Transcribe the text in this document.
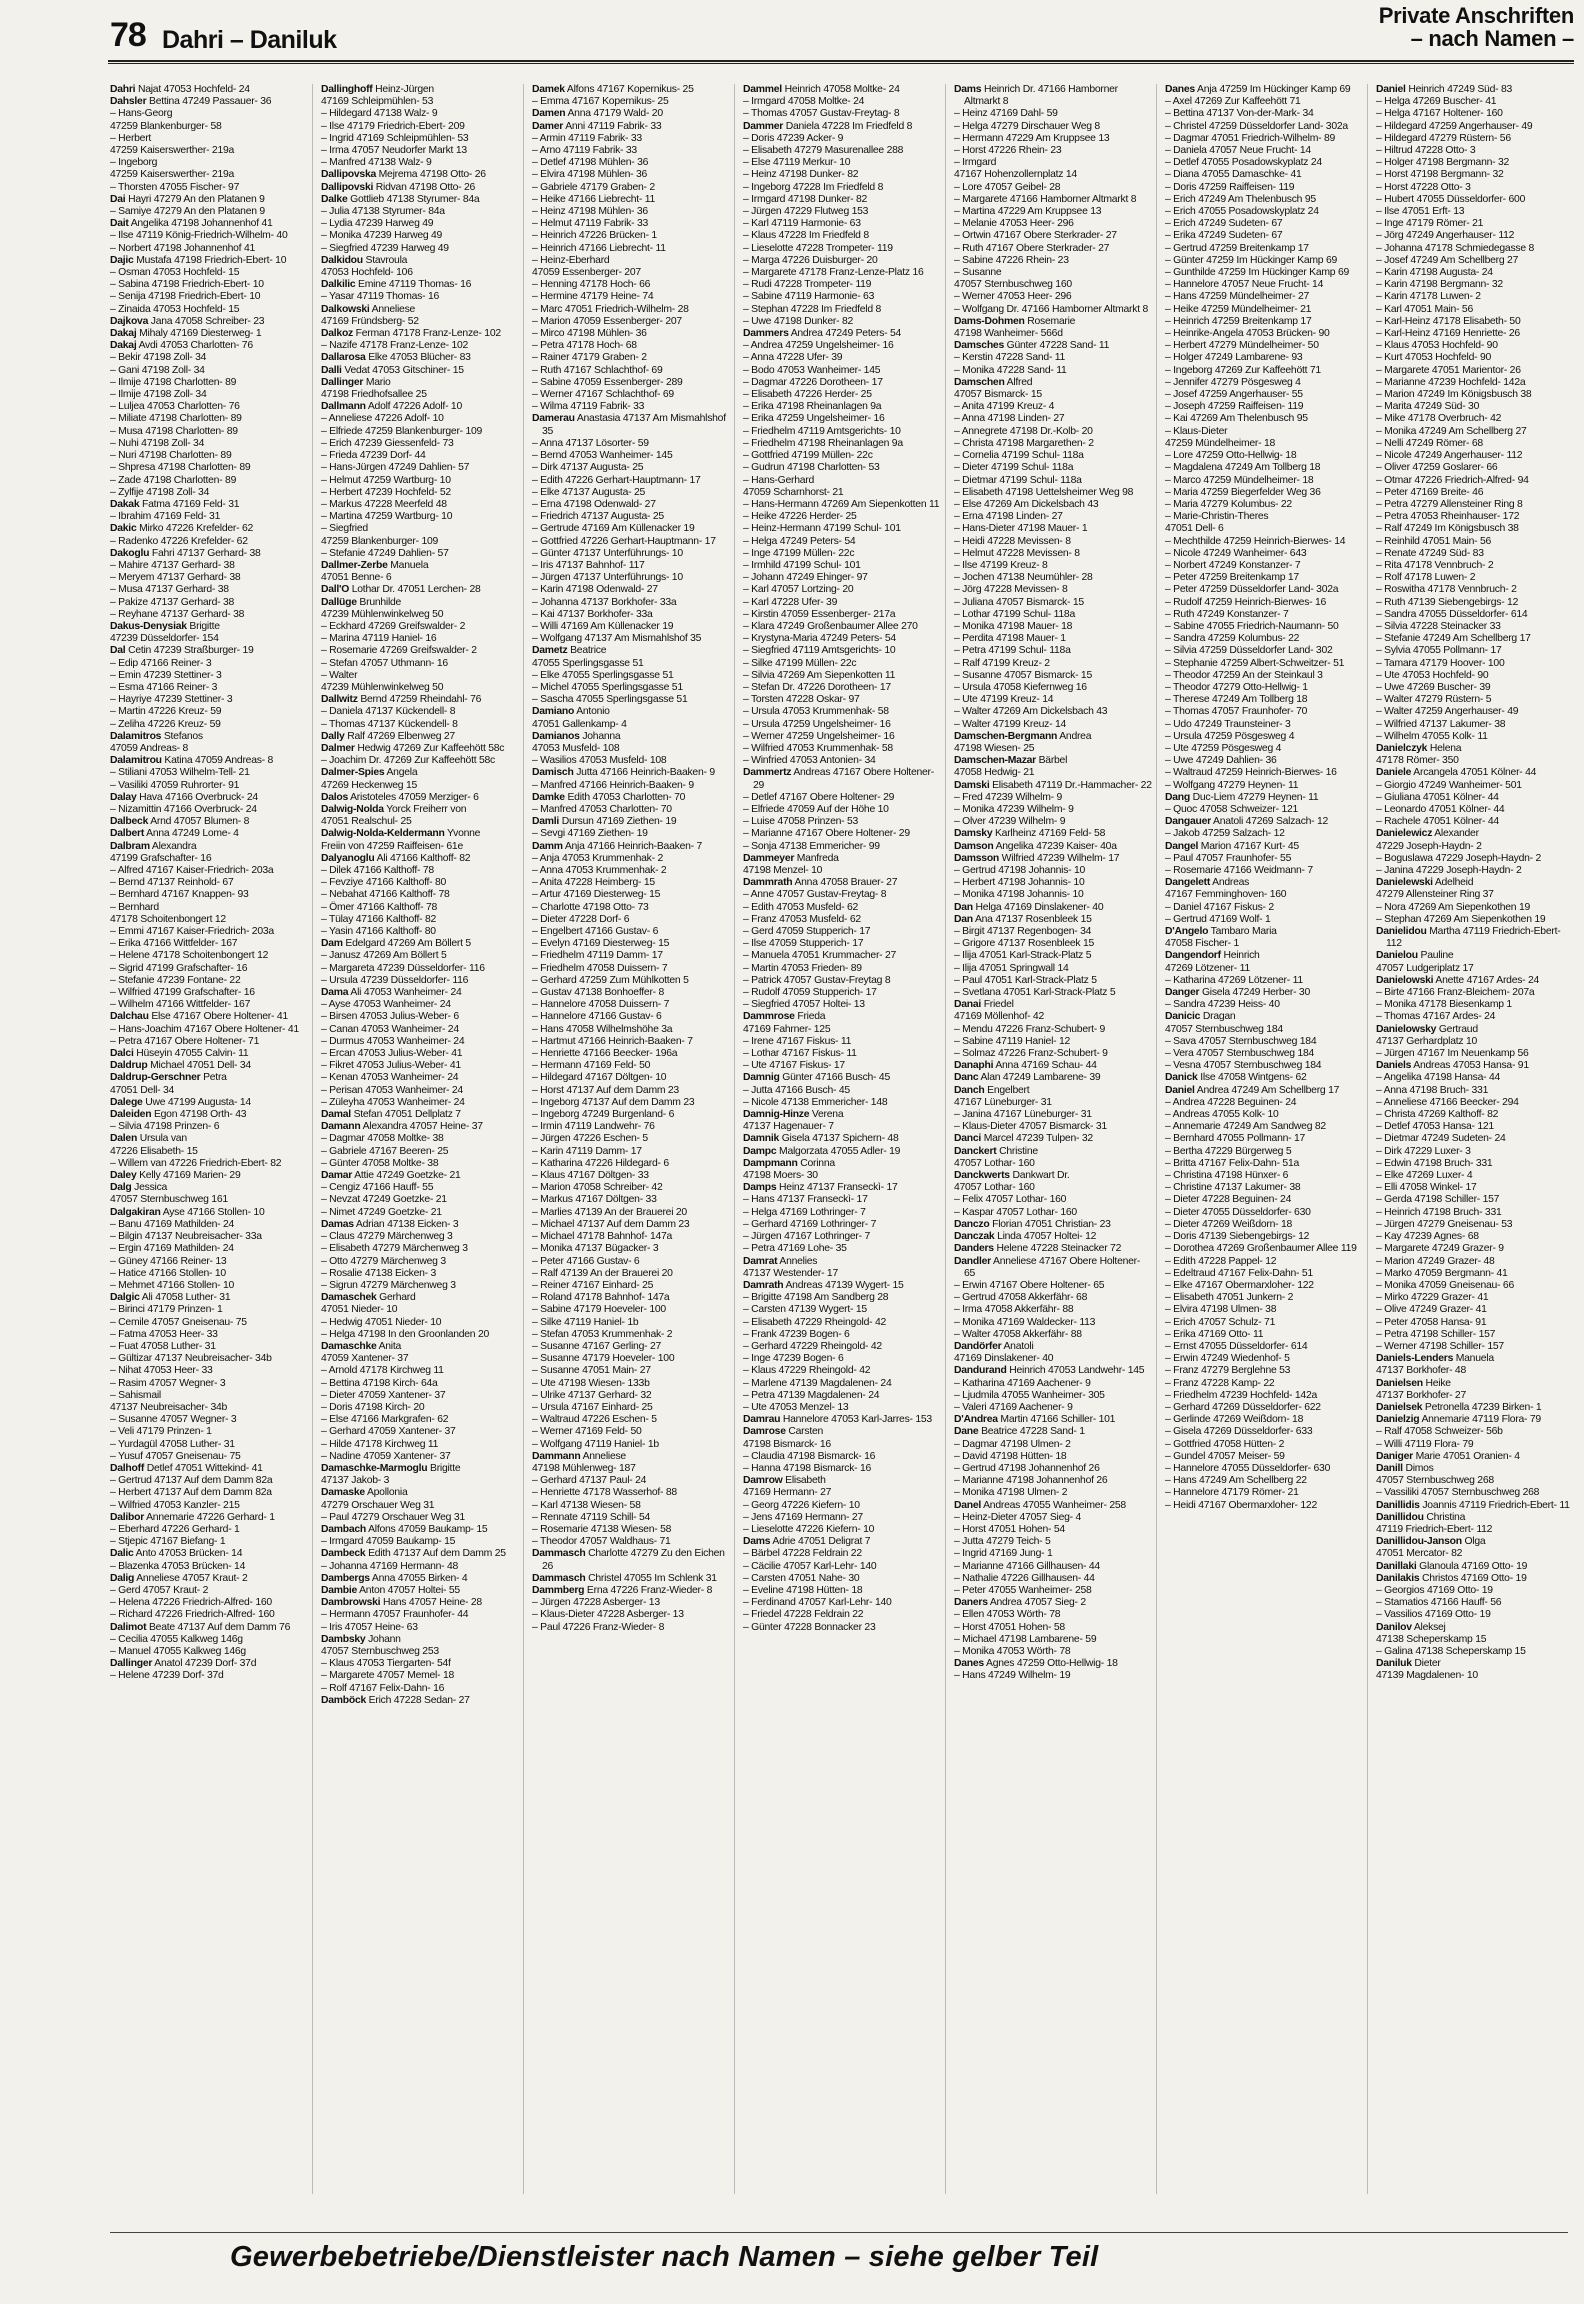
78 Dahri – Daniluk
Private Anschriften
– nach Namen –
Dahri Najat 47053 Hochfeld- 24
Dahsler Bettina 47249 Passauer- 36
– Hans-Georg
47259 Blankenburger- 58
– Herbert
47259 Kaiserswerther- 219a
– Ingeborg
47259 Kaiserswerther- 219a
– Thorsten 47055 Fischer- 97
Dai Hayri 47279 An den Platanen 9
– Samiye 47279 An den Platanen 9
Dait Angelika 47198 Johannenhof 41
– Ilse 47119 König-Friedrich-Wilhelm- 40
– Norbert 47198 Johannenhof 41
Dajic Mustafa 47198 Friedrich-Ebert- 10
– Osman 47053 Hochfeld- 15
– Sabina 47198 Friedrich-Ebert- 10
– Senija 47198 Friedrich-Ebert- 10
– Zinaida 47053 Hochfeld- 15
Dajkova Jana 47058 Schreiber- 23
Dakaj Mihaly 47169 Diesterweg- 1
Dakaj Avdi 47053 Charlotten- 76
– Bekir 47198 Zoll- 34
– Gani 47198 Zoll- 34
– Ilmije 47198 Charlotten- 89
– Ilmije 47198 Zoll- 34
– Luljea 47053 Charlotten- 76
– Miliate 47198 Charlotten- 89
– Musa 47198 Charlotten- 89
– Nuhi 47198 Zoll- 34
– Nuri 47198 Charlotten- 89
– Shpresa 47198 Charlotten- 89
– Zade 47198 Charlotten- 89
– Zylfije 47198 Zoll- 34
Dakak Fatma 47169 Feld- 31
– Ibrahim 47169 Feld- 31
Dakic Mirko 47226 Krefelder- 62
– Radenko 47226 Krefelder- 62
Dakoglu Fahri 47137 Gerhard- 38
– Mahire 47137 Gerhard- 38
– Meryem 47137 Gerhard- 38
– Musa 47137 Gerhard- 38
– Pakize 47137 Gerhard- 38
– Reyhane 47137 Gerhard- 38
Dakus-Denysiak Brigitte
47239 Düsseldorfer- 154
Dal Cetin 47239 Straßburger- 19
– Edip 47166 Reiner- 3
– Emin 47239 Stettiner- 3
– Esma 47166 Reiner- 3
– Hayriye 47239 Stettiner- 3
– Martin 47226 Kreuz- 59
– Zeliha 47226 Kreuz- 59
Dalamitros Stefanos
47059 Andreas- 8
Dalamitrou Katina 47059 Andreas- 8
– Stiliani 47053 Wilhelm-Tell- 21
– Vasiliki 47059 Ruhrorter- 91
Dalay Hava 47166 Overbruck- 24
– Nizamittin 47166 Overbruck- 24
Dalbeck Arnd 47057 Blumen- 8
Dalbert Anna 47249 Lome- 4
Dalbram Alexandra
47199 Grafschafter- 16
– Alfred 47167 Kaiser-Friedrich- 203a
– Bernd 47137 Reinhold- 67
– Bernhard 47167 Knappen- 93
– Bernhard
47178 Schoitenbongert 12
– Emmi 47167 Kaiser-Friedrich- 203a
– Erika 47166 Wittfelder- 167
– Helene 47178 Schoitenbongert 12
– Sigrid 47199 Grafschafter- 16
– Stefanie 47239 Fontane- 22
– Wilfried 47199 Grafschafter- 16
– Wilhelm 47166 Wittfelder- 167
Dalchau Else 47167 Obere Holtener- 41
– Hans-Joachim 47167 Obere Holtener- 41
– Petra 47167 Obere Holtener- 71
Dalci Hüseyin 47055 Calvin- 11
Daldrup Michael 47051 Dell- 34
Daldrup-Gerschner Petra
47051 Dell- 34
Dalege Uwe 47199 Augusta- 14
Daleiden Egon 47198 Orth- 43
– Silvia 47198 Prinzen- 6
Dalen Ursula van
47226 Elisabeth- 15
– Willem van 47226 Friedrich-Ebert- 82
Daley Kelly 47169 Marien- 29
Dalg Jessica
47057 Sternbuschweg 161
Dalgakiran Ayse 47166 Stollen- 10
– Banu 47169 Mathilden- 24
– Bilgin 47137 Neubreisacher- 33a
– Ergin 47169 Mathilden- 24
– Güney 47166 Reiner- 13
– Hatice 47166 Stollen- 10
– Mehmet 47166 Stollen- 10
Dalgic Ali 47058 Luther- 31
– Birinci 47179 Prinzen- 1
– Cemile 47057 Gneisenau- 75
– Fatma 47053 Heer- 33
– Fuat 47058 Luther- 31
– Gültizar 47137 Neubreisacher- 34b
– Nihat 47053 Heer- 33
– Rasim 47057 Wegner- 3
– Sahismail
47137 Neubreisacher- 34b
– Susanne 47057 Wegner- 3
– Veli 47179 Prinzen- 1
– Yurdagül 47058 Luther- 31
– Yusuf 47057 Gneisenau- 75
Dalhoff Detlef 47051 Wittekind- 41
– Gertrud 47137 Auf dem Damm 82a
– Herbert 47137 Auf dem Damm 82a
– Wilfried 47053 Kanzler- 215
Dalibor Annemarie 47226 Gerhard- 1
– Eberhard 47226 Gerhard- 1
– Stjepic 47167 Biefang- 1
Dalic Anto 47053 Brücken- 14
– Blazenka 47053 Brücken- 14
Dalig Anneliese 47057 Kraut- 2
– Gerd 47057 Kraut- 2
– Helena 47226 Friedrich-Alfred- 160
– Richard 47226 Friedrich-Alfred- 160
Dalimot Beate 47137 Auf dem Damm 76
– Cecilia 47055 Kalkweg 146g
– Manuel 47055 Kalkweg 146g
Dallinger Anatol 47239 Dorf- 37d
– Helene 47239 Dorf- 37d
Dallinghoff Heinz-Jürgen
47169 Schleipmühlen- 53
– Hildegard 47138 Walz- 9
– Ilse 47179 Friedrich-Ebert- 209
– Ingrid 47169 Schleipmühlen- 53
– Irma 47057 Neudorfer Markt 13
– Manfred 47138 Walz- 9
Dallipovska Mejrema 47198 Otto- 26
Dallipovski Ridvan 47198 Otto- 26
Dalke Gottlieb 47138 Styrumer- 84a
– Julia 47138 Styrumer- 84a
– Lydia 47239 Harweg 49
– Monika 47239 Harweg 49
– Siegfried 47239 Harweg 49
Dalkidou Stavroula
47053 Hochfeld- 106
Dalkilic Emine 47119 Thomas- 16
– Yasar 47119 Thomas- 16
Dalkowski Anneliese
47169 Fründsberg- 52
Dalkoz Ferman 47178 Franz-Lenze- 102
– Nazife 47178 Franz-Lenze- 102
Dallarosa Elke 47053 Blücher- 83
Dalli Vedat 47053 Gitschiner- 15
Dallinger Mario
47198 Friedhofsallee 25
Dallmann Adolf 47226 Adolf- 10
– Anneliese 47226 Adolf- 10
– Elfriede 47259 Blankenburger- 109
– Erich 47239 Giessenfeld- 73
– Frieda 47239 Dorf- 44
– Hans-Jürgen 47249 Dahlien- 57
– Helmut 47259 Wartburg- 10
– Herbert 47239 Hochfeld- 52
– Markus 47228 Meerfeld 48
– Martina 47259 Wartburg- 10
– Siegfried
47259 Blankenburger- 109
– Stefanie 47249 Dahlien- 57
Dallmer-Zerbe Manuela
47051 Benne- 6
Dall'O Lothar Dr. 47051 Lerchen- 28
Dallüge Brunhilde
47239 Mühlenwinkelweg 50
– Eckhard 47269 Greifswalder- 2
– Marina 47119 Haniel- 16
– Rosemarie 47269 Greifswalder- 2
– Stefan 47057 Uthmann- 16
– Walter
47239 Mühlenwinkelweg 50
Dallwitz Bernd 47259 Rheindahl- 76
– Daniela 47137 Kückendell- 8
– Thomas 47137 Kückendell- 8
Dally Ralf 47269 Elbenweg 27
Dalmer Hedwig 47269 Zur Kaffeehött 58c
– Joachim Dr. 47269 Zur Kaffeehött 58c
Dalmer-Spies Angela
47269 Heckenweg 15
Dalos Aristoteles 47059 Merziger- 6
Dalwig-Nolda Yorck Freiherr von
47051 Realschul- 25
Dalwig-Nolda-Keldermann Yvonne
Freiin von 47259 Raiffeisen- 61e
Dalyanoglu Ali 47166 Kalthoff- 82
– Dilek 47166 Kalthoff- 78
– Fevziye 47166 Kalthoff- 80
– Nebahat 47166 Kalthoff- 78
– Ömer 47166 Kalthoff- 78
– Tülay 47166 Kalthoff- 82
– Yasin 47166 Kalthoff- 80
Dam Edelgard 47269 Am Böllert 5
– Janusz 47269 Am Böllert 5
– Margareta 47239 Düsseldorfer- 116
– Ursula 47239 Düsseldorfer- 116
Dama Ali 47053 Wanheimer- 24
– Ayse 47053 Wanheimer- 24
– Birsen 47053 Julius-Weber- 6
– Canan 47053 Wanheimer- 24
– Durmus 47053 Wanheimer- 24
– Ercan 47053 Julius-Weber- 41
– Fikret 47053 Julius-Weber- 41
– Kenan 47053 Wanheimer- 24
– Perisan 47053 Wanheimer- 24
– Züleyha 47053 Wanheimer- 24
Damal Stefan 47051 Dellplatz 7
Damann Alexandra 47057 Heine- 37
– Dagmar 47058 Moltke- 38
– Gabriele 47167 Beeren- 25
– Günter 47058 Moltke- 38
Damar Attie 47249 Goetzke- 21
– Cengiz 47166 Hauff- 55
– Nevzat 47249 Goetzke- 21
– Nimet 47249 Goetzke- 21
Damas Adrian 47138 Eicken- 3
– Claus 47279 Märchenweg 3
– Elisabeth 47279 Märchenweg 3
– Otto 47279 Märchenweg 3
– Rosalie 47138 Eicken- 3
– Sigrun 47279 Märchenweg 3
Damaschek Gerhard
47051 Nieder- 10
– Hedwig 47051 Nieder- 10
– Helga 47198 In den Groonlanden 20
Damaschke Anita
47059 Xantener- 37
– Arnold 47178 Kirchweg 11
– Bettina 47198 Kirch- 64a
– Dieter 47059 Xantener- 37
– Doris 47198 Kirch- 20
– Else 47166 Markgrafen- 62
– Gerhard 47059 Xantener- 37
– Hilde 47178 Kirchweg 11
– Nadine 47059 Xantener- 37
Damaschke-Marmoglu Brigitte
47137 Jakob- 3
Damaske Apollonia
47279 Orschauer Weg 31
– Paul 47279 Orschauer Weg 31
Dambach Alfons 47059 Baukamp- 15
– Irmgard 47059 Baukamp- 15
Dambeck Edith 47137 Auf dem Damm 25
– Johanna 47169 Hermann- 48
Dambergs Anna 47055 Birken- 4
Dambie Anton 47057 Holtei- 55
Dambrowski Hans 47057 Heine- 28
– Hermann 47057 Fraunhofer- 44
– Iris 47057 Heine- 63
Dambsky Johann
47057 Sternbuschweg 253
– Klaus 47053 Tiergarten- 54f
– Margarete 47057 Memel- 18
– Rolf 47167 Felix-Dahn- 16
Damböck Erich 47228 Sedan- 27
Damek Alfons 47167 Kopernikus- 25
– Emma 47167 Kopernikus- 25
Damen Anna 47179 Wald- 20
Damer Anni 47119 Fabrik- 33
– Armin 47119 Fabrik- 33
– Arno 47119 Fabrik- 33
– Detlef 47198 Mühlen- 36
– Elvira 47198 Mühlen- 36
– Gabriele 47179 Graben- 2
– Heike 47166 Liebrecht- 11
– Heinz 47198 Mühlen- 36
– Helmut 47119 Fabrik- 33
– Heinrich 47226 Brücken- 1
– Heinrich 47166 Liebrecht- 11
– Heinz-Eberhard
47059 Essenberger- 207
– Henning 47178 Hoch- 66
– Hermine 47179 Heine- 74
– Marc 47051 Friedrich-Wilhelm- 28
– Marion 47059 Essenberger- 207
– Mirco 47198 Mühlen- 36
– Petra 47178 Hoch- 68
– Rainer 47179 Graben- 2
– Ruth 47167 Schlachthof- 69
– Sabine 47059 Essenberger- 289
– Werner 47167 Schlachthof- 69
– Wilma 47119 Fabrik- 33
Damerau Anastasia 47137 Am Mismahlshof 35
– Anna 47137 Lösorter- 59
– Bernd 47053 Wanheimer- 145
– Dirk 47137 Augusta- 25
– Edith 47226 Gerhart-Hauptmann- 17
– Elke 47137 Augusta- 25
– Erna 47198 Odenwald- 27
– Friedrich 47137 Augusta- 25
– Gertrude 47169 Am Küllenacker 19
– Gottfried 47226 Gerhart-Hauptmann- 17
– Günter 47137 Unterführungs- 10
– Iris 47137 Bahnhof- 117
– Jürgen 47137 Unterführungs- 10
– Karin 47198 Odenwald- 27
– Johanna 47137 Borkhofer- 33a
– Kai 47137 Borkhofer- 33a
– Willi 47169 Am Küllenacker 19
– Wolfgang 47137 Am Mismahlshof 35
Dametz Beatrice
47055 Sperlingsgasse 51
– Elke 47055 Sperlingsgasse 51
– Michel 47055 Sperlingsgasse 51
– Sascha 47055 Sperlingsgasse 51
Damiano Antonio
47051 Gallenkamp- 4
Damianos Johanna
47053 Musfeld- 108
– Wasilios 47053 Musfeld- 108
Damisch Jutta 47166 Heinrich-Baaken- 9
– Manfred 47166 Heinrich-Baaken- 9
Damke Edith 47053 Charlotten- 70
– Manfred 47053 Charlotten- 70
Damli Dursun 47169 Ziethen- 19
– Sevgi 47169 Ziethen- 19
Damm Anja 47166 Heinrich-Baaken- 7
– Anja 47053 Krummenhak- 2
– Anna 47053 Krummenhak- 2
– Anita 47228 Heimberg- 15
– Artur 47169 Diesterweg- 15
– Charlotte 47198 Otto- 73
– Dieter 47228 Dorf- 6
– Engelbert 47166 Gustav- 6
– Evelyn 47169 Diesterweg- 15
– Friedhelm 47119 Damm- 17
– Friedhelm 47058 Duissern- 7
– Gerhard 47259 Zum Mühlkotten 5
– Gustav 47138 Bonhoeffer- 8
– Hannelore 47058 Duissern- 7
– Hannelore 47166 Gustav- 6
– Hans 47058 Wilhelmshöhe 3a
– Hartmut 47166 Heinrich-Baaken- 7
– Henriette 47166 Beecker- 196a
– Hermann 47169 Feld- 50
– Hildegard 47167 Döltgen- 10
– Horst 47137 Auf dem Damm 23
– Ingeborg 47137 Auf dem Damm 23
– Ingeborg 47249 Burgenland- 6
– Irmin 47119 Landwehr- 76
– Jürgen 47226 Eschen- 5
– Karin 47119 Damm- 17
– Katharina 47226 Hildegard- 6
– Klaus 47167 Döltgen- 33
– Marion 47058 Schreiber- 42
– Markus 47167 Döltgen- 33
– Marlies 47139 An der Brauerei 20
– Michael 47137 Auf dem Damm 23
– Michael 47178 Bahnhof- 147a
– Monika 47137 Bügacker- 3
– Peter 47166 Gustav- 6
– Ralf 47139 An der Brauerei 20
– Reiner 47167 Einhard- 25
– Roland 47178 Bahnhof- 147a
– Sabine 47179 Hoeveler- 100
– Silke 47119 Haniel- 1b
– Stefan 47053 Krummenhak- 2
– Susanne 47167 Gerling- 27
– Susanne 47179 Hoeveler- 100
– Susanne 47051 Main- 27
– Ute 47198 Wiesen- 133b
– Ulrike 47137 Gerhard- 32
– Ursula 47167 Einhard- 25
– Waltraud 47226 Eschen- 5
– Werner 47169 Feld- 50
– Wolfgang 47119 Haniel- 1b
Dammann Anneliese
47198 Mühlenweg- 187
– Gerhard 47137 Paul- 24
– Henriette 47178 Wasserhof- 88
– Karl 47138 Wiesen- 58
– Rennate 47119 Schill- 54
– Rosemarie 47138 Wiesen- 58
– Theodor 47057 Waldhaus- 71
Dammasch Charlotte 47279 Zu den Eichen 26
Dammasch Christel 47055 Im Schlenk 31
Dammberg Erna 47226 Franz-Wieder- 8
– Jürgen 47228 Asberger- 13
– Klaus-Dieter 47228 Asberger- 13
– Paul 47226 Franz-Wieder- 8
Dammel Heinrich 47058 Moltke- 24
– Irmgard 47058 Moltke- 24
– Thomas 47057 Gustav-Freytag- 8
Dammer Daniela 47228 Im Friedfeld 8
– Doris 47239 Acker- 9
– Elisabeth 47279 Masurenallee 288
– Else 47119 Merkur- 10
– Heinz 47198 Dunker- 82
– Ingeborg 47228 Im Friedfeld 8
– Irmgard 47198 Dunker- 82
– Jürgen 47229 Flutweg 153
– Karl 47119 Harmonie- 63
– Klaus 47228 Im Friedfeld 8
– Lieselotte 47228 Trompeter- 119
– Marga 47226 Duisburger- 20
– Margarete 47178 Franz-Lenze-Platz 16
– Rudi 47228 Trompeter- 119
– Sabine 47119 Harmonie- 63
– Stephan 47228 Im Friedfeld 8
– Uwe 47198 Dunker- 82
Dammers Andrea 47249 Peters- 54
– Andrea 47259 Ungelsheimer- 16
– Anna 47228 Ufer- 39
– Bodo 47053 Wanheimer- 145
– Dagmar 47226 Dorotheen- 17
– Elisabeth 47226 Herder- 25
– Erika 47198 Rheinanlagen 9a
– Erika 47259 Ungelsheimer- 16
– Friedhelm 47119 Amtsgerichts- 10
– Friedhelm 47198 Rheinanlagen 9a
– Gottfried 47199 Müllen- 22c
– Gudrun 47198 Charlotten- 53
– Hans-Gerhard
47059 Scharnhorst- 21
– Hans-Hermann 47269 Am Siepenkotten 11
– Heike 47226 Herder- 25
– Heinz-Hermann 47199 Schul- 101
– Helga 47249 Peters- 54
– Inge 47199 Müllen- 22c
– Irmhild 47199 Schul- 101
– Johann 47249 Ehinger- 97
– Karl 47057 Lortzing- 20
– Karl 47228 Ufer- 39
– Kirstin 47059 Essenberger- 217a
– Klara 47249 Großenbaumer Allee 270
– Krystyna-Maria 47249 Peters- 54
– Siegfried 47119 Amtsgerichts- 10
– Silke 47199 Müllen- 22c
– Silvia 47269 Am Siepenkotten 11
– Stefan Dr. 47226 Dorotheen- 17
– Torsten 47228 Oskar- 97
– Ursula 47053 Krummenhak- 58
– Ursula 47259 Ungelsheimer- 16
– Werner 47259 Ungelsheimer- 16
– Wilfried 47053 Krummenhak- 58
– Winfried 47053 Antonien- 34
Dammertz Andreas 47167 Obere Holtener- 29
– Detlef 47167 Obere Holtener- 29
– Elfriede 47059 Auf der Höhe 10
– Luise 47058 Prinzen- 53
– Marianne 47167 Obere Holtener- 29
– Sonja 47138 Emmericher- 99
Dammeyer Manfreda
47198 Menzel- 10
Dammrath Anna 47058 Brauer- 27
– Anne 47057 Gustav-Freytag- 8
– Edith 47053 Musfeld- 62
– Franz 47053 Musfeld- 62
– Gerd 47059 Stupperich- 17
– Ilse 47059 Stupperich- 17
– Manuela 47051 Krummacher- 27
– Martin 47053 Frieden- 89
– Patrick 47057 Gustav-Freytag 8
– Rudolf 47059 Stupperich- 17
– Siegfried 47057 Holtei- 13
Dammrose Frieda
47169 Fahrner- 125
– Irene 47167 Fiskus- 11
– Lothar 47167 Fiskus- 11
– Ute 47167 Fiskus- 17
Damnig Günter 47166 Busch- 45
– Jutta 47166 Busch- 45
– Nicole 47138 Emmericher- 148
Damnig-Hinze Verena
47137 Hagenauer- 7
Damnik Gisela 47137 Spichern- 48
Dampc Malgorzata 47055 Adler- 19
Dampmann Corinna
47198 Moers- 30
Damps Heinz 47137 Franseckì- 17
– Hans 47137 Franseckì- 17
– Helga 47169 Lothringer- 7
– Gerhard 47169 Lothringer- 7
– Jürgen 47167 Lothringer- 7
– Petra 47169 Lohe- 35
Damrat Annelies
47137 Westender- 17
Damrath Andreas 47139 Wygert- 15
– Brigitte 47198 Am Sandberg 28
– Carsten 47139 Wygert- 15
– Elisabeth 47229 Rheingold- 42
– Frank 47239 Bogen- 6
– Gerhard 47229 Rheingold- 42
– Inge 47239 Bogen- 6
– Klaus 47229 Rheingold- 42
– Marlene 47139 Magdalenen- 24
– Petra 47139 Magdalenen- 24
– Ute 47053 Menzel- 13
Damrau Hannelore 47053 Karl-Jarres- 153
Damrose Carsten
47198 Bismarck- 16
– Claudia 47198 Bismarck- 16
– Hanna 47198 Bismarck- 16
Damrow Elisabeth
47169 Hermann- 27
– Georg 47226 Kiefern- 10
– Jens 47169 Hermann- 27
– Lieselotte 47226 Kiefern- 10
Dams Adrie 47051 Deligrat 7
– Bärbel 47228 Feldrain 22
– Cäcilie 47057 Karl-Lehr- 140
– Carsten 47051 Nahe- 30
– Eveline 47198 Hütten- 18
– Ferdinand 47057 Karl-Lehr- 140
– Friedel 47228 Feldrain 22
– Günter 47228 Bonnacker 23
Dams Heinrich Dr. 47166 Hamborner Altmarkt 8
– Heinz 47169 Dahl- 59
– Helga 47279 Dirschauer Weg 8
– Hermann 47229 Am Kruppsee 13
– Horst 47226 Rhein- 23
– Irmgard
47167 Hohenzollernplatz 14
– Lore 47057 Geibel- 28
– Margarete 47166 Hamborner Altmarkt 8
– Martina 47229 Am Kruppsee 13
– Melanie 47053 Heer- 296
– Ortwin 47167 Obere Sterkrader- 27
– Ruth 47167 Obere Sterkrader- 27
– Sabine 47226 Rhein- 23
– Susanne
47057 Sternbuschweg 160
– Werner 47053 Heer- 296
– Wolfgang Dr. 47166 Hamborner Altmarkt 8
Dams-Dohmen Rosemarie
47198 Wanheimer- 566d
Damsches Günter 47228 Sand- 11
– Kerstin 47228 Sand- 11
– Monika 47228 Sand- 11
Damschen Alfred
47057 Bismarck- 15
– Anita 47199 Kreuz- 4
– Anna 47198 Linden- 27
– Annegrete 47198 Dr.-Kolb- 20
– Christa 47198 Margarethen- 2
– Cornelia 47199 Schul- 118a
– Dieter 47199 Schul- 118a
– Dietmar 47199 Schul- 118a
– Elisabeth 47198 Uettelsheimer Weg 98
– Else 47269 Am Dickelsbach 43
– Erna 47198 Linden- 27
– Hans-Dieter 47198 Mauer- 1
– Heidi 47228 Mevissen- 8
– Helmut 47228 Mevissen- 8
– Ilse 47199 Kreuz- 8
– Jochen 47138 Neumühler- 28
– Jörg 47228 Mevissen- 8
– Juliana 47057 Bismarck- 15
– Lothar 47199 Schul- 118a
– Monika 47198 Mauer- 18
– Perdita 47198 Mauer- 1
– Petra 47199 Schul- 118a
– Ralf 47199 Kreuz- 2
– Susanne 47057 Bismarck- 15
– Ursula 47058 Kiefernweg 16
– Ute 47199 Kreuz- 14
– Walter 47269 Am Dickelsbach 43
– Walter 47199 Kreuz- 14
Damschen-Bergmann Andrea
47198 Wiesen- 25
Damschen-Mazar Bärbel
47058 Hedwig- 21
Damski Elisabeth 47119 Dr.-Hammacher- 22
– Fred 47239 Wilhelm- 9
– Monika 47239 Wilhelm- 9
– Olver 47239 Wilhelm- 9
Damsky Karlheinz 47169 Feld- 58
Damson Angelika 47239 Kaiser- 40a
Damsson Wilfried 47239 Wilhelm- 17
– Gertrud 47198 Johannis- 10
– Herbert 47198 Johannis- 10
– Monika 47198 Johannis- 10
Dan Helga 47169 Dinslakener- 40
Dan Ana 47137 Rosenbleek 15
– Birgit 47137 Regenbogen- 34
– Grigore 47137 Rosenbleek 15
– Ilija 47051 Karl-Strack-Platz 5
– Ilija 47051 Springwall 14
– Paul 47051 Karl-Strack-Platz 5
– Svetlana 47051 Karl-Strack-Platz 5
Danai Friedel
47169 Möllenhof- 42
– Mendu 47226 Franz-Schubert- 9
– Sabine 47119 Haniel- 12
– Solmaz 47226 Franz-Schubert- 9
Danaphi Anna 47169 Schau- 44
Danc Alan 47249 Lambarene- 39
Danch Engelbert
47167 Lüneburger- 31
– Janina 47167 Lüneburger- 31
– Klaus-Dieter 47057 Bismarck- 31
Danci Marcel 47239 Tulpen- 32
Danckert Christine
47057 Lothar- 160
Danckwerts Dankwart Dr.
47057 Lothar- 160
– Felix 47057 Lothar- 160
– Kaspar 47057 Lothar- 160
Danczo Florian 47051 Christian- 23
Danczak Linda 47057 Holtei- 12
Danders Helene 47228 Steinacker 72
Dandler Anneliese 47167 Obere Holtener- 65
– Erwin 47167 Obere Holtener- 65
– Gertrud 47058 Akkerfähr- 68
– Irma 47058 Akkerfähr- 88
– Monika 47169 Waldecker- 113
– Walter 47058 Akkerfähr- 88
Dandörfer Anatoli
47169 Dinslakener- 40
Dandurand Heinrich 47053 Landwehr- 145
– Katharina 47169 Aachener- 9
– Ljudmila 47055 Wanheimer- 305
– Valeri 47169 Aachener- 9
D'Andrea Martin 47166 Schiller- 101
Dane Beatrice 47228 Sand- 1
– Dagmar 47198 Ulmen- 2
– David 47198 Hütten- 18
– Gertrud 47198 Johannenhof 26
– Marianne 47198 Johannenhof 26
– Monika 47198 Ulmen- 2
Danel Andreas 47055 Wanheimer- 258
– Heinz-Dieter 47057 Sieg- 4
– Horst 47051 Hohen- 54
– Jutta 47279 Teich- 5
– Ingrid 47169 Jung- 1
– Marianne 47166 Gillhausen- 44
– Nathalie 47226 Gillhausen- 44
– Peter 47055 Wanheimer- 258
Daners Andrea 47057 Sieg- 2
– Ellen 47053 Wörth- 78
– Horst 47051 Hohen- 58
– Michael 47198 Lambarene- 59
– Monika 47053 Wörth- 78
Danes Agnes 47259 Otto-Hellwig- 18
– Hans 47249 Wilhelm- 19
Danes Anja 47259 Im Hückinger Kamp 69
– Axel 47269 Zur Kaffeehött 71
– Bettina 47137 Von-der-Mark- 34
– Christel 47259 Düsseldorfer Land- 302a
– Dagmar 47051 Friedrich-Wilhelm- 89
– Daniela 47057 Neue Frucht- 14
– Detlef 47055 Posadowskyplatz 24
– Diana 47055 Damaschke- 41
– Doris 47259 Raiffeisen- 119
– Erich 47249 Am Thelenbusch 95
– Erich 47055 Posadowskyplatz 24
– Erich 47249 Sudeten- 67
– Erika 47249 Sudeten- 67
– Gertrud 47259 Breitenkamp 17
– Günter 47259 Im Hückinger Kamp 69
– Gunthilde 47259 Im Hückinger Kamp 69
– Hannelore 47057 Neue Frucht- 14
– Hans 47259 Mündelheimer- 27
– Heike 47259 Mündelheimer- 21
– Heinrich 47259 Breitenkamp 17
– Heinrike-Angela 47053 Brücken- 90
– Herbert 47279 Mündelheimer- 50
– Holger 47249 Lambarene- 93
– Ingeborg 47269 Zur Kaffeehött 71
– Jennifer 47279 Pösgesweg 4
– Josef 47259 Angerhauser- 55
– Joseph 47259 Raiffeisen- 119
– Kai 47269 Am Thelenbusch 95
– Klaus-Dieter
47259 Mündelheimer- 18
– Lore 47259 Otto-Hellwig- 18
– Magdalena 47249 Am Tollberg 18
– Marco 47259 Mündelheimer- 18
– Maria 47259 Biegerfelder Weg 36
– Maria 47279 Kolumbus- 22
– Marie-Christin-Theres
47051 Dell- 6
– Mechthilde 47259 Heinrich-Bierwes- 14
– Nicole 47249 Wanheimer- 643
– Norbert 47249 Konstanzer- 7
– Peter 47259 Breitenkamp 17
– Peter 47259 Düsseldorfer Land- 302a
– Rudolf 47259 Heinrich-Bierwes- 16
– Ruth 47249 Konstanzer- 7
– Sabine 47055 Friedrich-Naumann- 50
– Sandra 47259 Kolumbus- 22
– Silvia 47259 Düsseldorfer Land- 302
– Stephanie 47259 Albert-Schweitzer- 51
– Theodor 47259 An der Steinkaul 3
– Theodor 47279 Otto-Hellwig- 1
– Therese 47249 Am Tollberg 18
– Thomas 47057 Fraunhofer- 70
– Udo 47249 Traunsteiner- 3
– Ursula 47259 Pösgesweg 4
– Ute 47259 Pösgesweg 4
– Uwe 47249 Dahlien- 36
– Waltraud 47259 Heinrich-Bierwes- 16
– Wolfgang 47279 Heynen- 11
Dang Duc-Liem 47279 Heynen- 11
– Quoc 47058 Schweizer- 121
Dangauer Anatoli 47269 Salzach- 12
– Jakob 47259 Salzach- 12
Dangel Marion 47167 Kurt- 45
– Paul 47057 Fraunhofer- 55
– Rosemarie 47166 Weidmann- 7
Dangelett Andreas
47167 Femminghoven- 160
– Daniel 47167 Fiskus- 2
– Gertrud 47169 Wolf- 1
D'Angelo Tambaro Maria
47058 Fischer- 1
Dangendorf Heinrich
47269 Lötzener- 11
– Katharina 47269 Lötzener- 11
Danger Gisela 47249 Herber- 30
– Sandra 47239 Heiss- 40
Danicic Dragan
47057 Sternbuschweg 184
– Sava 47057 Sternbuschweg 184
– Vera 47057 Sternbuschweg 184
– Vesna 47057 Sternbuschweg 184
Danick Ilse 47058 Wintgens- 62
Daniel Andrea 47249 Am Schellberg 17
– Andrea 47228 Beguinen- 24
– Andreas 47055 Kolk- 10
– Annemarie 47249 Am Sandweg 82
– Bernhard 47055 Pollmann- 17
– Bertha 47229 Bürgerweg 5
– Britta 47167 Felix-Dahn- 51a
– Christina 47198 Hünxer- 6
– Christine 47137 Lakumer- 38
– Dieter 47228 Beguinen- 24
– Dieter 47055 Düsseldorfer- 630
– Dieter 47269 Weißdorn- 18
– Doris 47139 Siebengebirgs- 12
– Dorothea 47269 Großenbaumer Allee 119
– Edith 47228 Pappel- 12
– Edeltraud 47167 Felix-Dahn- 51
– Elke 47167 Obermarxloher- 122
– Elisabeth 47051 Junkern- 2
– Elvira 47198 Ulmen- 38
– Erich 47057 Schulz- 71
– Erika 47169 Otto- 11
– Ernst 47055 Düsseldorfer- 614
– Erwin 47249 Wiedenhof- 5
– Franz 47279 Berglehne 53
– Franz 47228 Kamp- 22
– Friedhelm 47239 Hochfeld- 142a
– Gerhard 47269 Düsseldorfer- 622
– Gerlinde 47269 Weißdorn- 18
– Gisela 47269 Düsseldorfer- 633
– Gottfried 47058 Hütten- 2
– Gundel 47057 Meiser- 59
– Hannelore 47055 Düsseldorfer- 630
– Hans 47249 Am Schellberg 22
– Hannelore 47179 Römer- 21
– Heidi 47167 Obermarxloher- 122
Daniel Heinrich 47249 Süd- 83
– Helga 47269 Buscher- 41
– Helga 47167 Holtener- 160
– Hildegard 47259 Angerhauser- 49
– Hildegard 47279 Rüstern- 56
– Hiltrud 47228 Otto- 3
– Holger 47198 Bergmann- 32
– Horst 47198 Bergmann- 32
– Horst 47228 Otto- 3
– Hubert 47055 Düsseldorfer- 600
– Ilse 47051 Erft- 13
– Inge 47179 Römer- 21
– Jörg 47249 Angerhauser- 112
– Johanna 47178 Schmiedegasse 8
– Josef 47249 Am Schellberg 27
– Karin 47198 Augusta- 24
– Karin 47198 Bergmann- 32
– Karin 47178 Luwen- 2
– Karl 47051 Main- 56
– Karl-Heinz 47178 Elisabeth- 50
– Karl-Heinz 47169 Henriette- 26
– Klaus 47053 Hochfeld- 90
– Kurt 47053 Hochfeld- 90
– Margarete 47051 Marientor- 26
– Marianne 47239 Hochfeld- 142a
– Marion 47249 Im Königsbusch 38
– Marita 47249 Süd- 30
– Mike 47178 Overbruch- 42
– Monika 47249 Am Schellberg 27
– Nelli 47249 Römer- 68
– Nicole 47249 Angerhauser- 112
– Oliver 47259 Goslarer- 66
– Otmar 47226 Friedrich-Alfred- 94
– Peter 47169 Breite- 46
– Petra 47279 Allensteiner Ring 8
– Petra 47053 Rheinhauser- 172
– Ralf 47249 Im Königsbusch 38
– Reinhild 47051 Main- 56
– Renate 47249 Süd- 83
– Rita 47178 Vennbruch- 2
– Rolf 47178 Luwen- 2
– Roswitha 47178 Vennbruch- 2
– Ruth 47139 Siebengebirgs- 12
– Sandra 47055 Düsseldorfer- 614
– Silvia 47228 Steinacker 33
– Stefanie 47249 Am Schellberg 17
– Sylvia 47055 Pollmann- 17
– Tamara 47179 Hoover- 100
– Ute 47053 Hochfeld- 90
– Uwe 47269 Buscher- 39
– Walter 47279 Rüstern- 5
– Walter 47259 Angerhauser- 49
– Wilfried 47137 Lakumer- 38
– Wilhelm 47055 Kolk- 11
Danielczyk Helena
47178 Römer- 350
Daniele Arcangela 47051 Kölner- 44
– Giorgio 47249 Wanheimer- 501
– Giuliana 47051 Kölner- 44
– Leonardo 47051 Kölner- 44
– Rachele 47051 Kölner- 44
Danielewicz Alexander
47229 Joseph-Haydn- 2
– Boguslawa 47229 Joseph-Haydn- 2
– Janina 47229 Joseph-Haydn- 2
Danielewski Adelheid
47279 Allensteiner Ring 37
– Nora 47269 Am Siepenkothen 19
– Stephan 47269 Am Siepenkothen 19
Danielidou Martha 47119 Friedrich-Ebert- 112
Danielou Pauline
47057 Ludgeriplatz 17
Danielowski Anette 47167 Ardes- 24
– Birte 47166 Franz-Bleichem- 207a
– Monika 47178 Biesenkamp 1
– Thomas 47167 Ardes- 24
Danielowsky Gertraud
47137 Gerhardplatz 10
– Jürgen 47167 Im Neuenkamp 56
Daniels Andreas 47053 Hansa- 91
– Angelika 47198 Hansa- 44
– Anna 47198 Bruch- 331
– Anneliese 47166 Beecker- 294
– Christa 47269 Kalthoff- 82
– Detlef 47053 Hansa- 121
– Dietmar 47249 Sudeten- 24
– Dirk 47229 Luxer- 3
– Edwin 47198 Bruch- 331
– Elke 47269 Luxer- 4
– Elli 47058 Winkel- 17
– Gerda 47198 Schiller- 157
– Heinrich 47198 Bruch- 331
– Jürgen 47279 Gneisenau- 53
– Kay 47239 Agnes- 68
– Margarete 47249 Grazer- 9
– Marion 47249 Grazer- 48
– Marko 47059 Bergmann- 41
– Monika 47059 Gneisenau- 66
– Mirko 47229 Grazer- 41
– Olive 47249 Grazer- 41
– Peter 47058 Hansa- 91
– Petra 47198 Schiller- 157
– Werner 47198 Schiller- 157
Daniels-Lenders Manuela
47137 Borkhofer- 48
Danielsen Heike
47137 Borkhofer- 27
Danielsek Petronella 47239 Birken- 1
Danielzig Annemarie 47119 Flora- 79
– Ralf 47058 Schweizer- 56b
– Willi 47119 Flora- 79
Daniger Marie 47051 Oranien- 4
Danill Dimos
47057 Sternbuschweg 268
– Vassiliki 47057 Sternbuschweg 268
Danillidis Joannis 47119 Friedrich-Ebert- 11
Danillidou Christina
47119 Friedrich-Ebert- 112
Danillidou-Janson Olga
47051 Mercator- 82
Danillaki Glanoula 47169 Otto- 19
Danilakis Christos 47169 Otto- 19
– Georgios 47169 Otto- 19
– Stamatios 47166 Hauff- 56
– Vassilios 47169 Otto- 19
Danilov Aleksej
47138 Scheperskamp 15
– Galina 47138 Scheperskamp 15
Daniluk Dieter
47139 Magdalenen- 10
Gewerbebetriebe/Dienstleister nach Namen – siehe gelber Teil
